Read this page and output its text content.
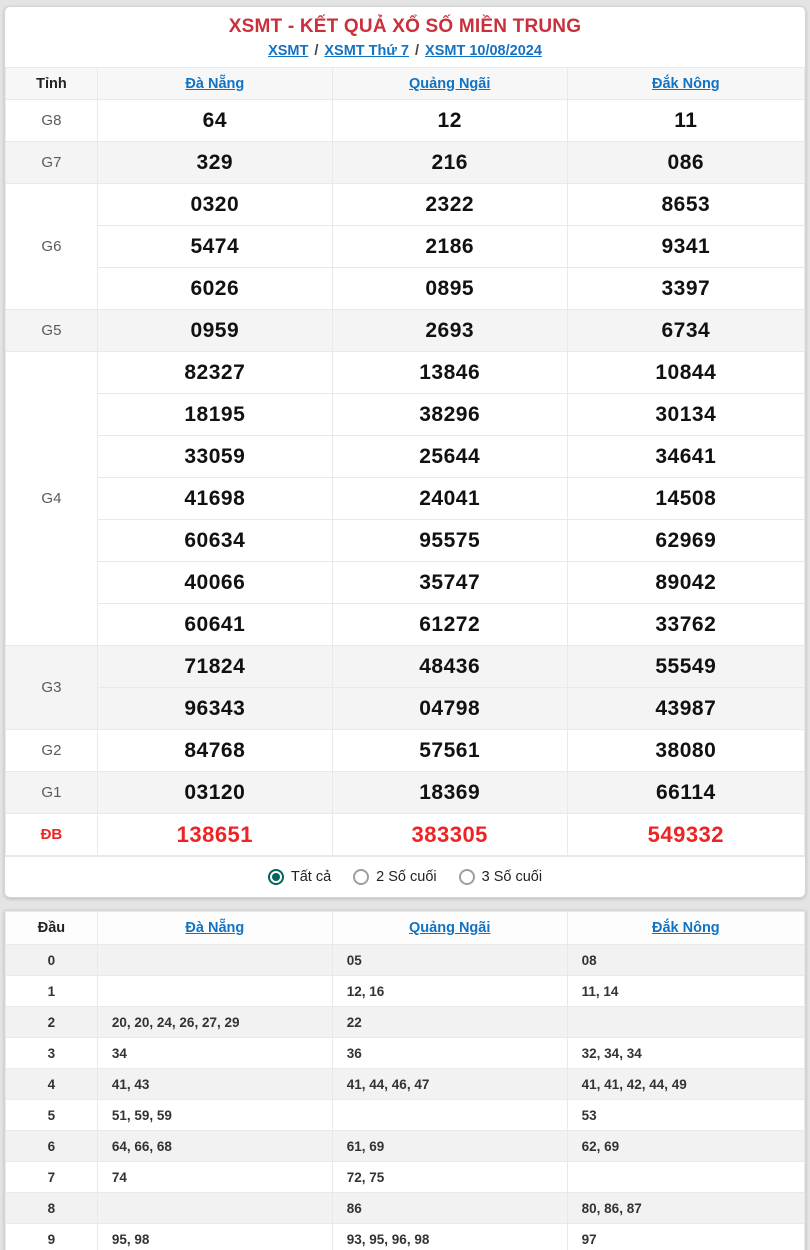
XSMT - KẾT QUẢ XỔ SỐ MIỀN TRUNG
XSMT / XSMT Thứ 7 / XSMT 10/08/2024
Tỉnh	Đà Nẵng	Quảng Ngãi	Đắk Nông
G8	64	12	11
G7	329	216	086
G6	0320	2322	8653
	5474	2186	9341
	6026	0895	3397
G5	0959	2693	6734
G4	82327	13846	10844
	18195	38296	30134
	33059	25644	34641
	41698	24041	14508
	60634	95575	62969
	40066	35747	89042
	60641	61272	33762
G3	71824	48436	55549
	96343	04798	43987
G2	84768	57561	38080
G1	03120	18369	66114
ĐB	138651	383305	549332
Tất cả	2 Số cuối	3 Số cuối
Đầu	Đà Nẵng	Quảng Ngãi	Đắk Nông
0		05	08
1		12, 16	11, 14
2	20, 20, 24, 26, 27, 29	22	
3	34	36	32, 34, 34
4	41, 43	41, 44, 46, 47	41, 41, 42, 44, 49
5	51, 59, 59		53
6	64, 66, 68	61, 69	62, 69
7	74	72, 75	
8		86	80, 86, 87
9	95, 98	93, 95, 96, 98	97
